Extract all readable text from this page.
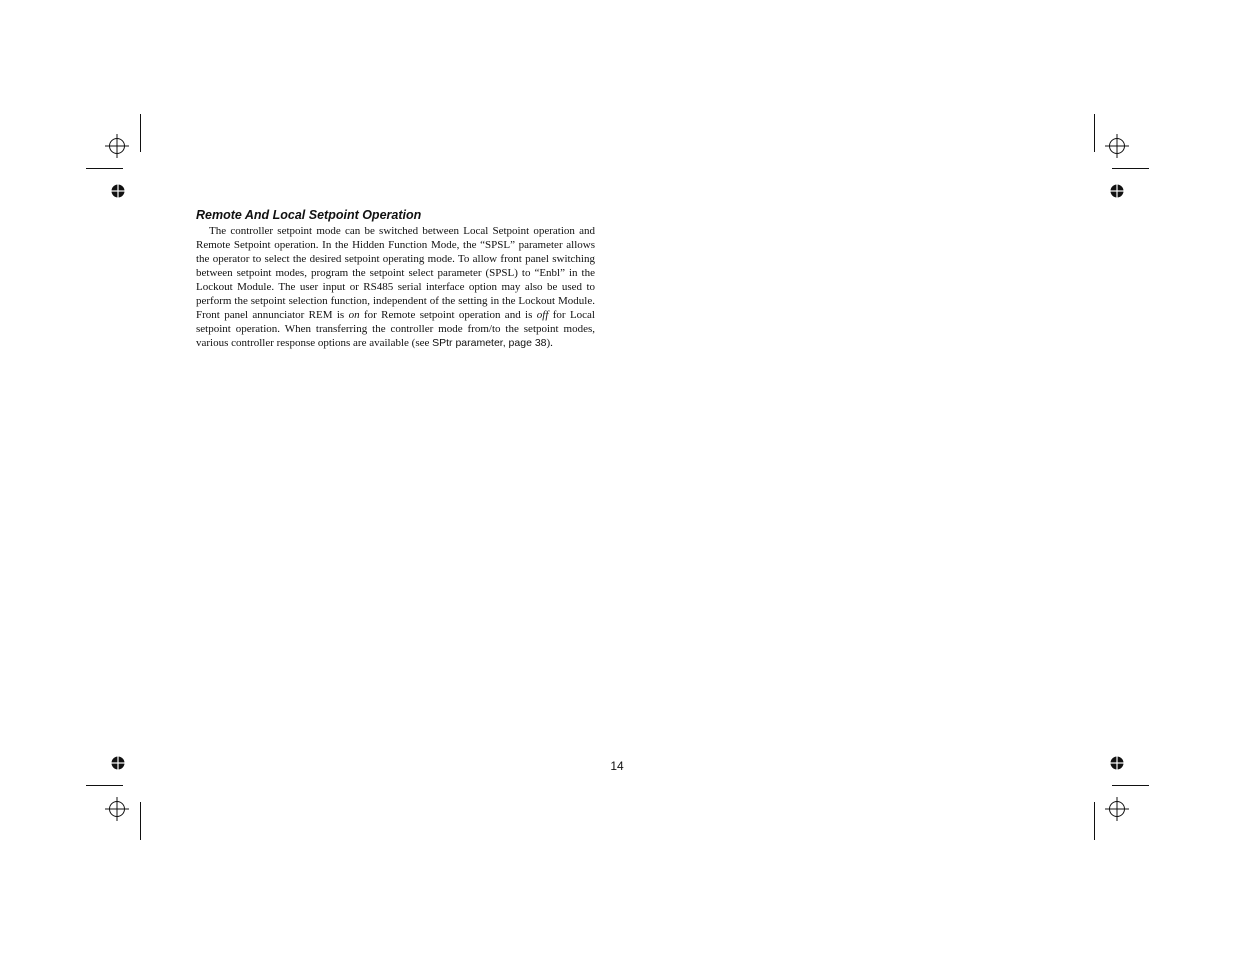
Remote And Local Setpoint Operation

The controller setpoint mode can be switched between Local Setpoint operation and Remote Setpoint operation. In the Hidden Function Mode, the “SPSL” parameter allows the operator to select the desired setpoint operating mode. To allow front panel switching between setpoint modes, program the setpoint select parameter (SPSL) to “Enbl” in the Lockout Module. The user input or RS485 serial interface option may also be used to perform the setpoint selection function, independent of the setting in the Lockout Module. Front panel annunciator REM is on for Remote setpoint operation and is off for Local setpoint operation. When transferring the controller mode from/to the setpoint modes, various controller response options are available (see SPtr parameter, page 38).

14
